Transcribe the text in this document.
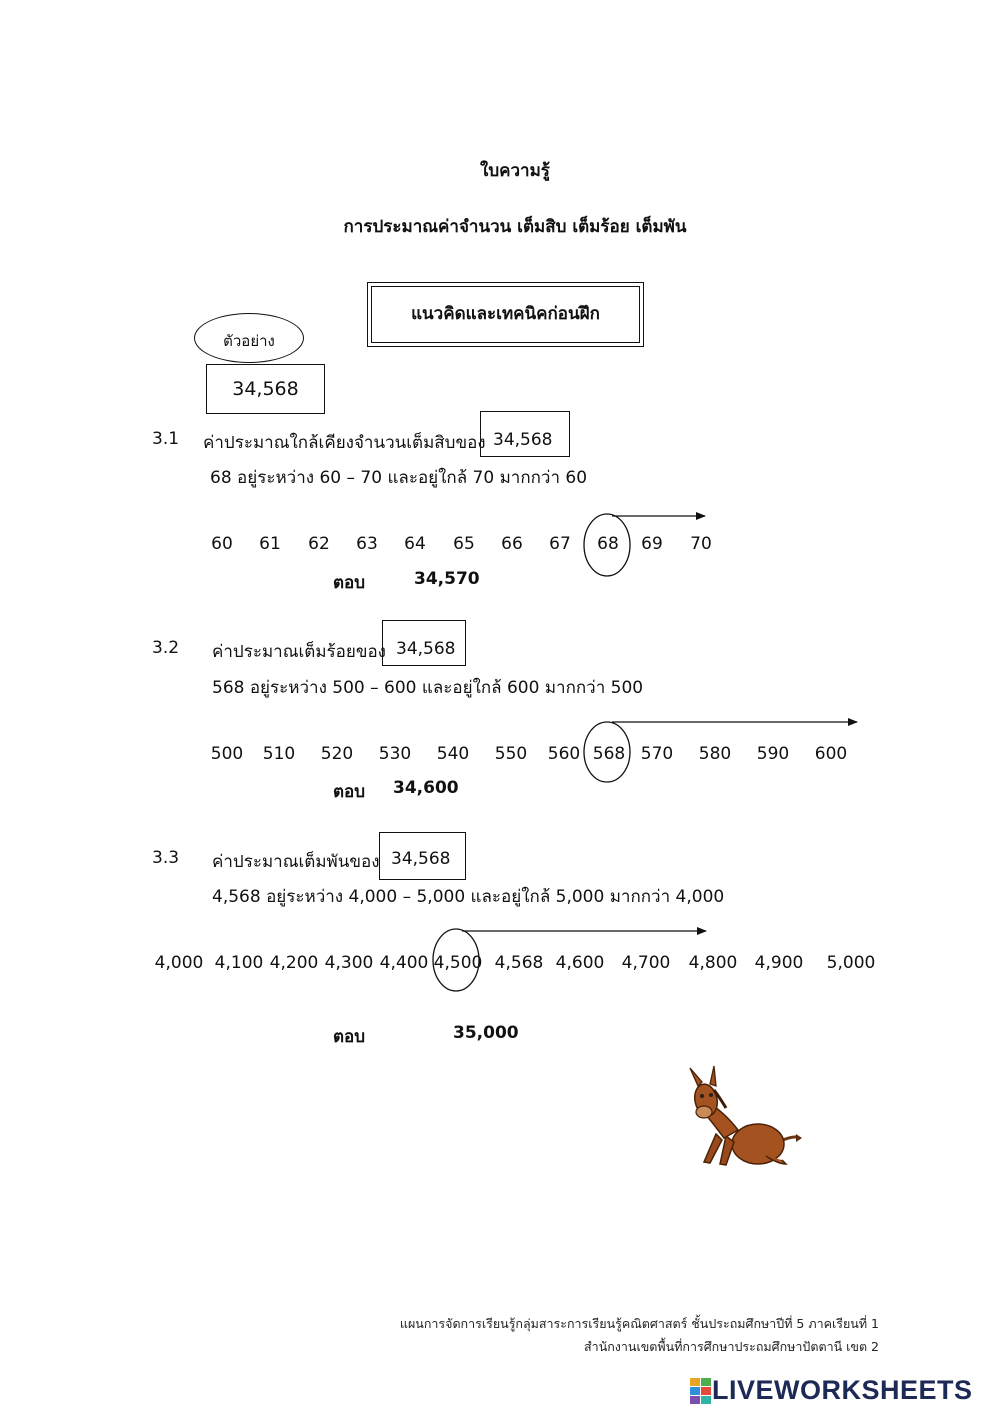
ใบความรู้
การประมาณค่าจำนวน เต็มสิบ เต็มร้อย เต็มพัน
แนวคิดและเทคนิคก่อนฝึก
ตัวอย่าง
34,568
3.1 ค่าประมาณใกล้เคียงจำนวนเต็มสิบของ 34,568
68 อยู่ระหว่าง 60 – 70 และอยู่ใกล้ 70 มากกว่า 60
60 61 62 63 64 65 66 67 68 69 70
ตอบ	34,570
3.2 ค่าประมาณเต็มร้อยของ 34,568
568 อยู่ระหว่าง 500 – 600 และอยู่ใกล้ 600 มากกว่า 500
500 510 520 530 540 550 560 568 570 580 590 600
ตอบ 34,600
3.3 ค่าประมาณเต็มพันของ 34,568
4,568 อยู่ระหว่าง 4,000 – 5,000 และอยู่ใกล้ 5,000 มากกว่า 4,000
4,000 4,100 4,200 4,300 4,400 4,500 4,568 4,600 4,700 4,800 4,900 5,000
ตอบ	35,000
แผนการจัดการเรียนรู้กลุ่มสาระการเรียนรู้คณิตศาสตร์ ชั้นประถมศึกษาปีที่ 5 ภาคเรียนที่ 1
สำนักงานเขตพื้นที่การศึกษาประถมศึกษาปัตตานี เขต 2
LIVEWORKSHEETS
